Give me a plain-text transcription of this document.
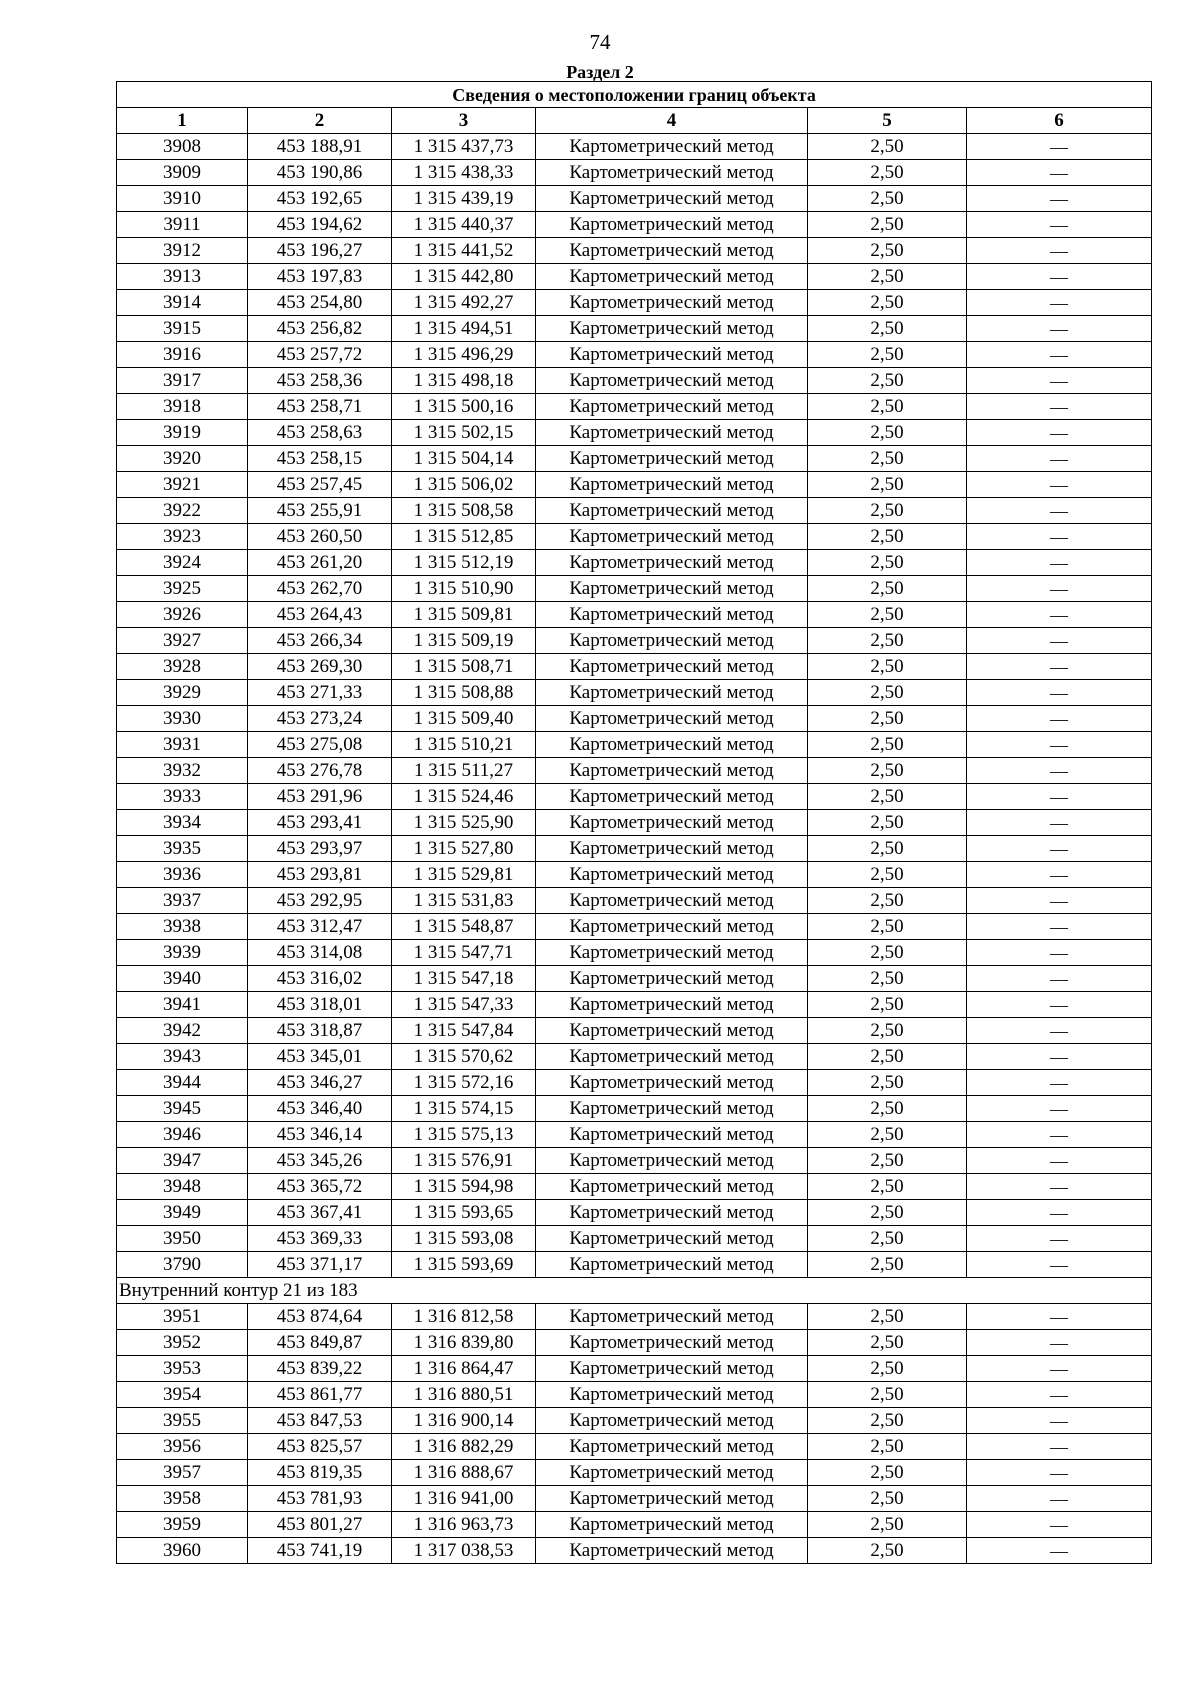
74
Раздел 2
Сведения о местоположении границ объекта					
1	2	3	4	5	6
3908	453 188,91	1 315 437,73	Картометрический метод	2,50	—
3909	453 190,86	1 315 438,33	Картометрический метод	2,50	—
3910	453 192,65	1 315 439,19	Картометрический метод	2,50	—
3911	453 194,62	1 315 440,37	Картометрический метод	2,50	—
3912	453 196,27	1 315 441,52	Картометрический метод	2,50	—
3913	453 197,83	1 315 442,80	Картометрический метод	2,50	—
3914	453 254,80	1 315 492,27	Картометрический метод	2,50	—
3915	453 256,82	1 315 494,51	Картометрический метод	2,50	—
3916	453 257,72	1 315 496,29	Картометрический метод	2,50	—
3917	453 258,36	1 315 498,18	Картометрический метод	2,50	—
3918	453 258,71	1 315 500,16	Картометрический метод	2,50	—
3919	453 258,63	1 315 502,15	Картометрический метод	2,50	—
3920	453 258,15	1 315 504,14	Картометрический метод	2,50	—
3921	453 257,45	1 315 506,02	Картометрический метод	2,50	—
3922	453 255,91	1 315 508,58	Картометрический метод	2,50	—
3923	453 260,50	1 315 512,85	Картометрический метод	2,50	—
3924	453 261,20	1 315 512,19	Картометрический метод	2,50	—
3925	453 262,70	1 315 510,90	Картометрический метод	2,50	—
3926	453 264,43	1 315 509,81	Картометрический метод	2,50	—
3927	453 266,34	1 315 509,19	Картометрический метод	2,50	—
3928	453 269,30	1 315 508,71	Картометрический метод	2,50	—
3929	453 271,33	1 315 508,88	Картометрический метод	2,50	—
3930	453 273,24	1 315 509,40	Картометрический метод	2,50	—
3931	453 275,08	1 315 510,21	Картометрический метод	2,50	—
3932	453 276,78	1 315 511,27	Картометрический метод	2,50	—
3933	453 291,96	1 315 524,46	Картометрический метод	2,50	—
3934	453 293,41	1 315 525,90	Картометрический метод	2,50	—
3935	453 293,97	1 315 527,80	Картометрический метод	2,50	—
3936	453 293,81	1 315 529,81	Картометрический метод	2,50	—
3937	453 292,95	1 315 531,83	Картометрический метод	2,50	—
3938	453 312,47	1 315 548,87	Картометрический метод	2,50	—
3939	453 314,08	1 315 547,71	Картометрический метод	2,50	—
3940	453 316,02	1 315 547,18	Картометрический метод	2,50	—
3941	453 318,01	1 315 547,33	Картометрический метод	2,50	—
3942	453 318,87	1 315 547,84	Картометрический метод	2,50	—
3943	453 345,01	1 315 570,62	Картометрический метод	2,50	—
3944	453 346,27	1 315 572,16	Картометрический метод	2,50	—
3945	453 346,40	1 315 574,15	Картометрический метод	2,50	—
3946	453 346,14	1 315 575,13	Картометрический метод	2,50	—
3947	453 345,26	1 315 576,91	Картометрический метод	2,50	—
3948	453 365,72	1 315 594,98	Картометрический метод	2,50	—
3949	453 367,41	1 315 593,65	Картометрический метод	2,50	—
3950	453 369,33	1 315 593,08	Картометрический метод	2,50	—
3790	453 371,17	1 315 593,69	Картометрический метод	2,50	—
Внутренний контур 21 из 183					
3951	453 874,64	1 316 812,58	Картометрический метод	2,50	—
3952	453 849,87	1 316 839,80	Картометрический метод	2,50	—
3953	453 839,22	1 316 864,47	Картометрический метод	2,50	—
3954	453 861,77	1 316 880,51	Картометрический метод	2,50	—
3955	453 847,53	1 316 900,14	Картометрический метод	2,50	—
3956	453 825,57	1 316 882,29	Картометрический метод	2,50	—
3957	453 819,35	1 316 888,67	Картометрический метод	2,50	—
3958	453 781,93	1 316 941,00	Картометрический метод	2,50	—
3959	453 801,27	1 316 963,73	Картометрический метод	2,50	—
3960	453 741,19	1 317 038,53	Картометрический метод	2,50	—
